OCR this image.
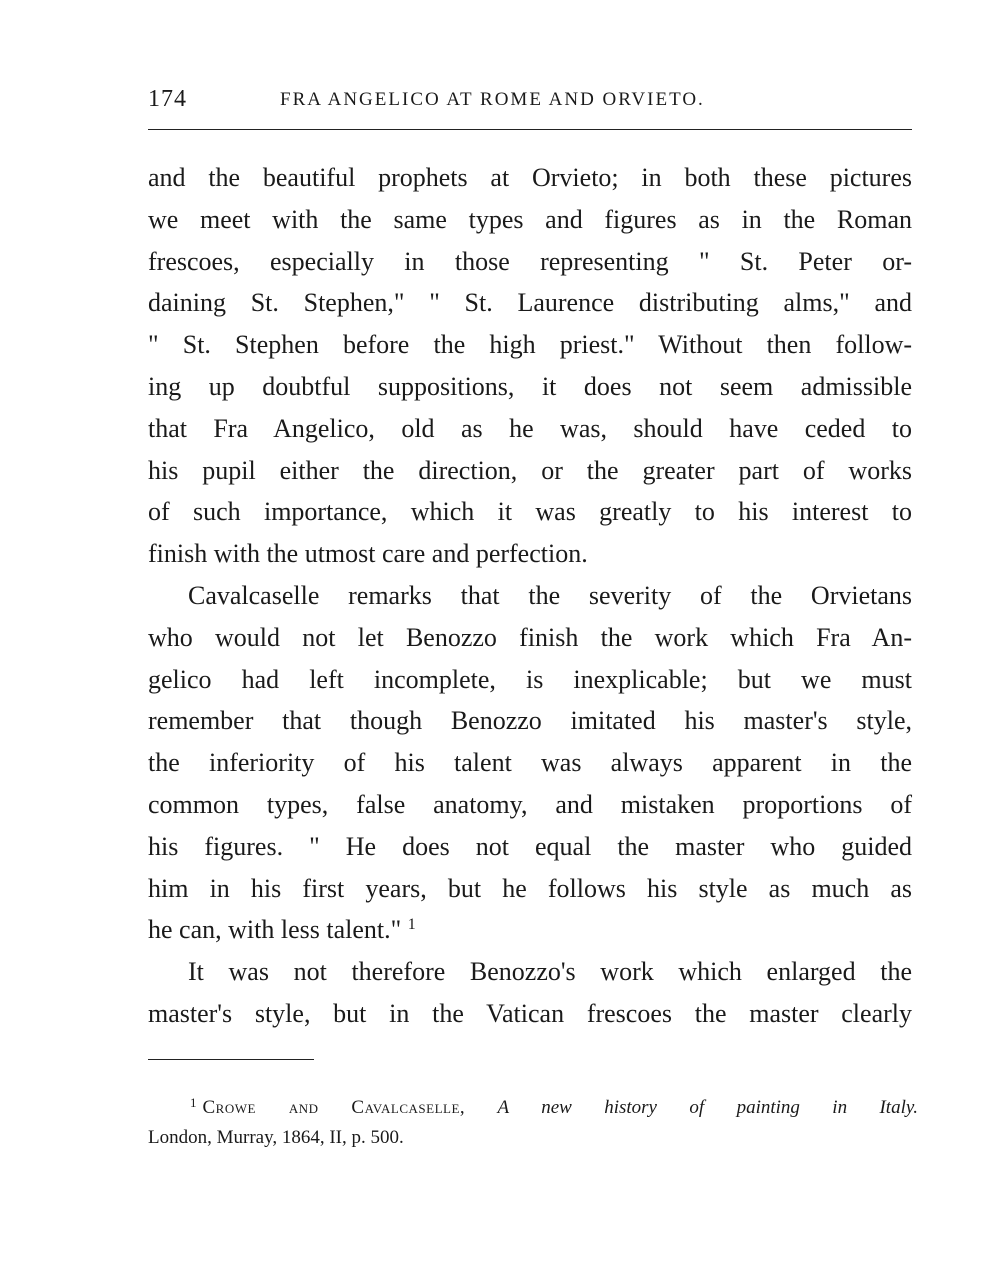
174	FRA ANGELICO AT ROME AND ORVIETO.
and the beautiful prophets at Orvieto; in both these pictures
we meet with the same types and figures as in the Roman
frescoes, especially in those representing " St. Peter or-
daining St. Stephen," " St. Laurence distributing alms," and
" St. Stephen before the high priest." Without then follow-
ing up doubtful suppositions, it does not seem admissible
that Fra Angelico, old as he was, should have ceded to
his pupil either the direction, or the greater part of works
of such importance, which it was greatly to his interest to
finish with the utmost care and perfection.
Cavalcaselle remarks that the severity of the Orvietans
who would not let Benozzo finish the work which Fra An-
gelico had left incomplete, is inexplicable; but we must
remember that though Benozzo imitated his master's style,
the inferiority of his talent was always apparent in the
common types, false anatomy, and mistaken proportions of
his figures. " He does not equal the master who guided
him in his first years, but he follows his style as much as
he can, with less talent." $^1$
It was not therefore Benozzo's work which enlarged the
master's style, but in the Vatican frescoes the master clearly
$^1$ Crowe and Cavalcaselle, A new history of painting in Italy.
London, Murray, 1864, II, p. 500.
